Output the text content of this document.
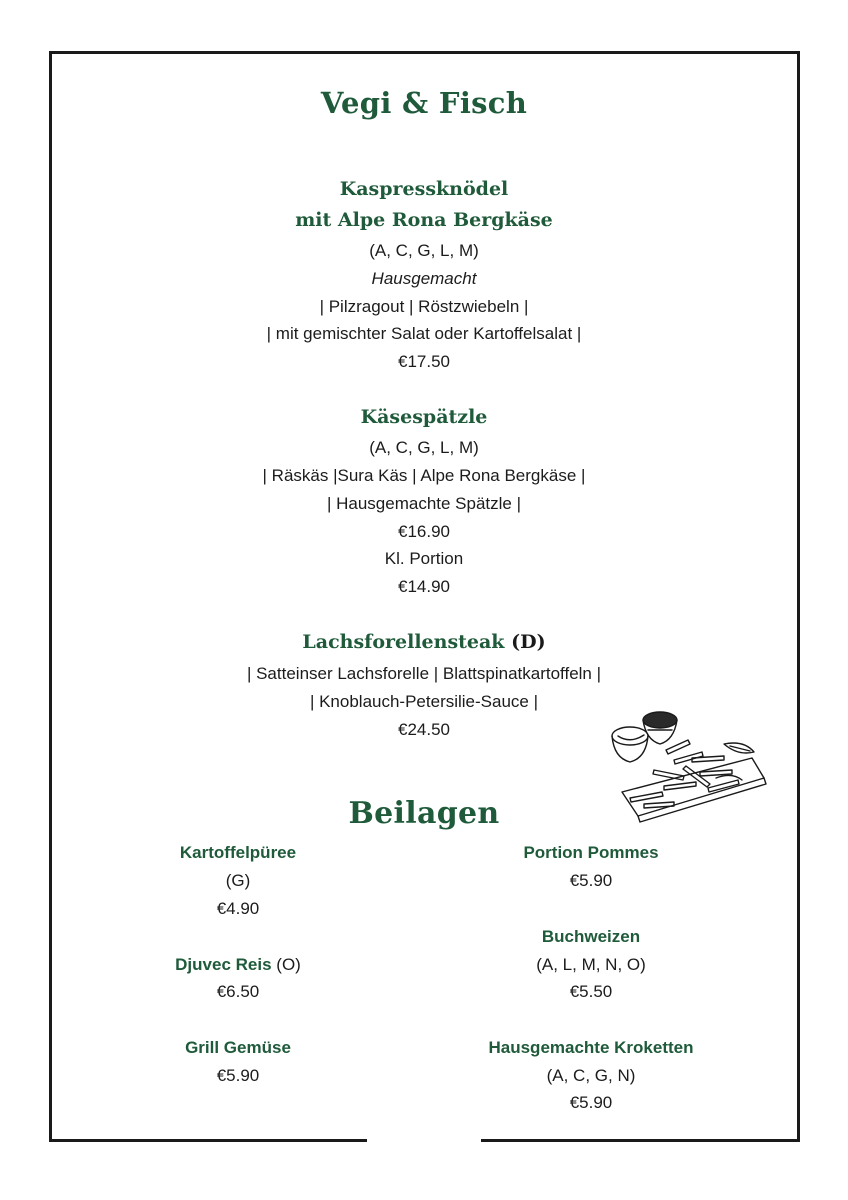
Vegi & Fisch

Kaspressknödel

mit Alpe Rona Bergkäse

(A, C, G, L, M)

Hausgemacht

| Pilzragout | Röstzwiebeln |

| mit gemischter Salat oder Kartoffelsalat |

€17.50

Käsespätzle

(A, C, G, L, M)

| Räskäs |Sura Käs | Alpe Rona Bergkäse |

| Hausgemachte Spätzle |

€16.90

Kl. Portion

€14.90

Lachsforellensteak (D)

| Satteinser Lachsforelle | Blattspinatkartoffeln |

| Knoblauch-Petersilie-Sauce |

€24.50

Beilagen

Kartoffelpüree

(G)

€4.90

Djuvec Reis (O)

€6.50

Grill Gemüse

€5.90

Portion Pommes

€5.90

Buchweizen

(A, L, M, N, O)

€5.50

Hausgemachte Kroketten

(A, C, G, N)

€5.90
